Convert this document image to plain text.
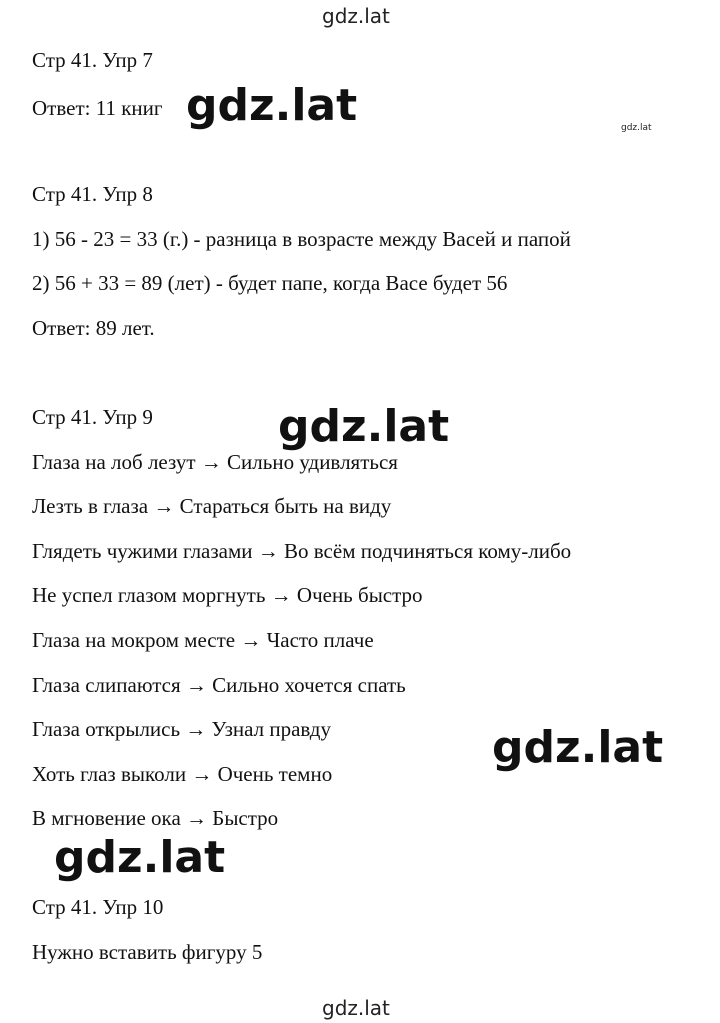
gdz.lat
Стр 41. Упр 7
Ответ: 11 книг gdz.lat	gdz.lat
Стр 41. Упр 8
1) 56 - 23 = 33 (г.) - разница в возрасте между Васей и папой
2) 56 + 33 = 89 (лет) - будет папе, когда Васе будет 56
Ответ: 89 лет.
Стр 41. Упр 9	gdz.lat
Глаза на лоб лезут → Сильно удивляться
Лезть в глаза → Стараться быть на виду
Глядеть чужими глазами → Во всём подчиняться кому-либо
Не успел глазом моргнуть → Очень быстро
Глаза на мокром месте → Часто плаче
Глаза слипаются → Сильно хочется спать
Глаза открылись → Узнал правду	gdz.lat
Хоть глаз выколи → Очень темно
В мгновение ока → Быстро
gdz.lat
Стр 41. Упр 10
Нужно вставить фигуру 5
gdz.lat
